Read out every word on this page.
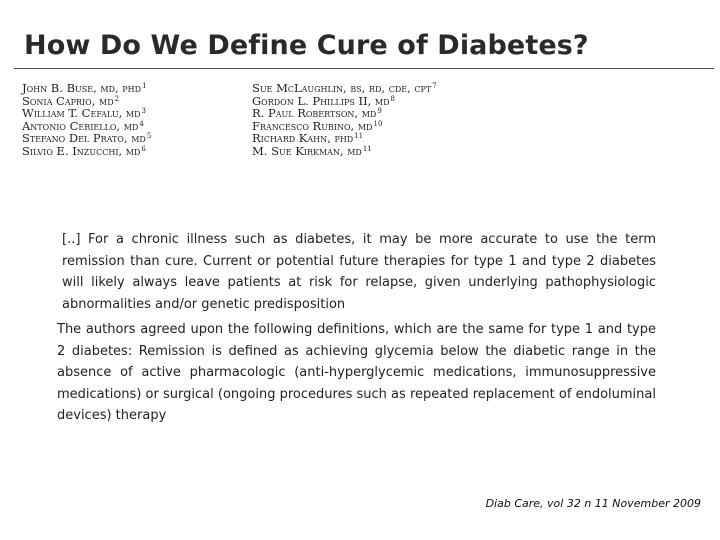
How Do We Define Cure of Diabetes?
John B. Buse, md, phd$^1$
Sonia Caprio, $md^2$
William T. Cefalu, $md^3$
Antonio Ceriello, $md^4$
Stefano Del Prato, $md^5$
Silvio E. Inzucchi, $md^6$
Sue McLaughlin, bs, rd, cde, cpt$^7$
Gordon L. Phillips II, $md^8$
R. Paul Robertson, $md^9$
Francesco Rubino, $md^{10}$
Richard Kahn, phd$^{11}$
M. Sue Kirkman, $md^{11}$
[..] For a chronic illness such as diabetes, it may be more accurate to use the term remission than cure. Current or potential future therapies for type 1 and type 2 diabetes will likely always leave patients at risk for relapse, given underlying pathophysiologic abnormalities and/or genetic predisposition
The authors agreed upon the following definitions, which are the same for type 1 and type 2 diabetes: Remission is defined as achieving glycemia below the diabetic range in the absence of active pharmacologic (anti-hyperglycemic medications, immunosuppressive medications) or surgical (ongoing procedures such as repeated replacement of endoluminal devices) therapy
Diab Care, vol 32 n 11 November 2009
